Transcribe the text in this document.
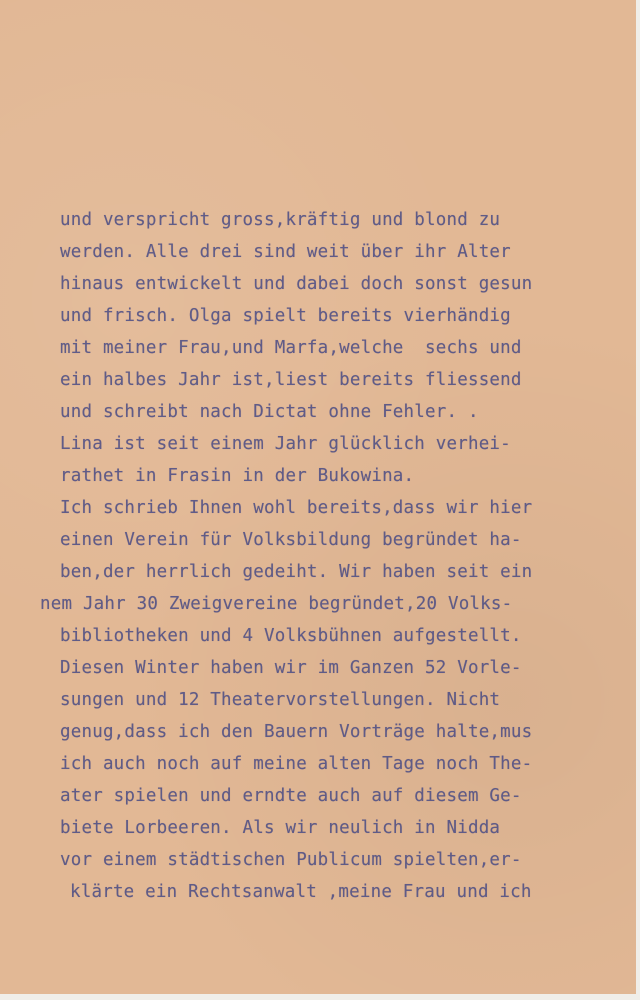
und verspricht gross,kräftig und blond zu
werden. Alle drei sind weit über ihr Alter
hinaus entwickelt und dabei doch sonst gesun
und frisch. Olga spielt bereits vierhändig
mit meiner Frau,und Marfa,welche  sechs und
ein halbes Jahr ist,liest bereits fliessend
und schreibt nach Dictat ohne Fehler. .
Lina ist seit einem Jahr glücklich verhei-
rathet in Frasin in der Bukowina.
Ich schrieb Ihnen wohl bereits,dass wir hier
einen Verein für Volksbildung begründet ha-
ben,der herrlich gedeiht. Wir haben seit ein
nem Jahr 30 Zweigvereine begründet,20 Volks-
bibliotheken und 4 Volksbühnen aufgestellt.
Diesen Winter haben wir im Ganzen 52 Vorle-
sungen und 12 Theatervorstellungen. Nicht
genug,dass ich den Bauern Vorträge halte,mus
ich auch noch auf meine alten Tage noch The-
ater spielen und erndte auch auf diesem Ge-
biete Lorbeeren. Als wir neulich in Nidda
vor einem städtischen Publicum spielten,er-
klärte ein Rechtsanwalt ,meine Frau und ich
